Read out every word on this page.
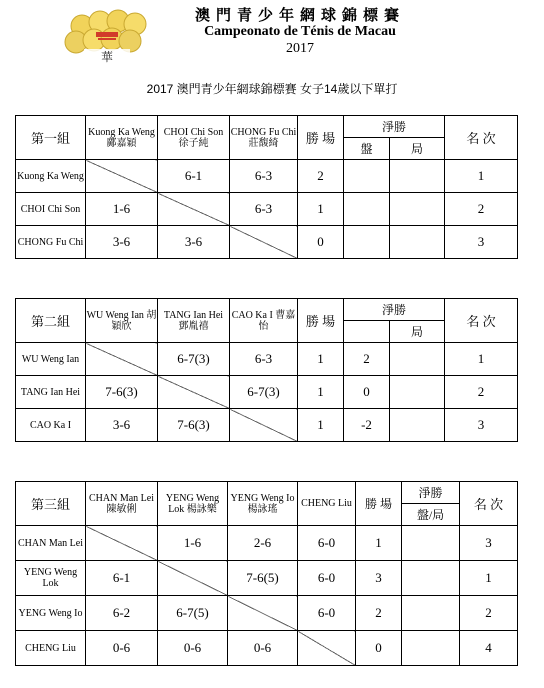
華
澳門青少年網球錦標賽
Campeonato de Ténis de Macau
2017
2017 澳門青少年網球錦標賽 女子14歲以下單打
第一組	Kuong Ka Weng鄺嘉穎	CHOI Chi Son 徐子純	CHONG Fu Chi 莊馥綺	勝 場	淨勝		名 次
					盤	局	
Kuong Ka Weng		6-1	6-3	2			1
CHOI Chi Son	1-6		6-3	1			2
CHONG Fu Chi	3-6	3-6		0			3
第二組	WU Weng Ian 胡穎欣	TANG Ian Hei 鄧胤禧	CAO Ka I 曹嘉怡	勝 場	淨勝		名 次
						局	
WU Weng Ian		6-7(3)	6-3	1	2		1
TANG Ian Hei	7-6(3)		6-7(3)	1	0		2
CAO Ka I	3-6	7-6(3)		1	-2		3
第三組	CHAN Man Lei陳敏俐	YENG Weng Lok 楊詠樂	YENG Weng Io 楊詠瑤	CHENG Liu	勝 場	淨勝	名 次
						盤/局	
CHAN Man Lei		1-6	2-6	6-0	1		3
YENG Weng Lok	6-1		7-6(5)	6-0	3		1
YENG Weng Io	6-2	6-7(5)		6-0	2		2
CHENG Liu	0-6	0-6	0-6		0		4
